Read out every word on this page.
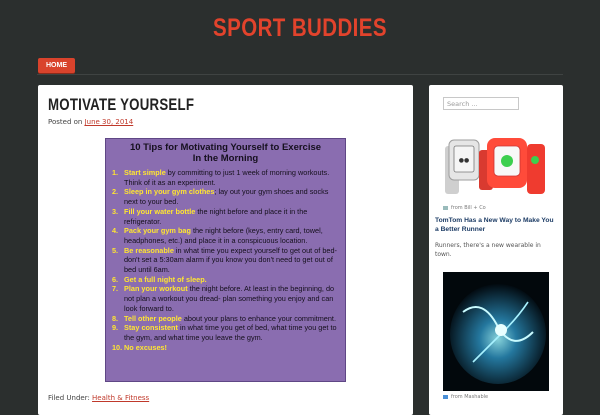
SPORT BUDDIES
HOME
MOTIVATE YOURSELF
Posted on June 30, 2014
10 Tips for Motivating Yourself to Exercise
In the Morning
1. Start simple by committing to just 1 week of morning workouts. Think of it as an experiment.
2. Sleep in your gym clothes; lay out your gym shoes and socks next to your bed.
3. Fill your water bottle the night before and place it in the refrigerator.
4. Pack your gym bag the night before (keys, entry card, towel, headphones, etc.) and place it in a conspicuous location.
5. Be reasonable in what time you expect yourself to get out of bed- don't set a 5:30am alarm if you know you don't need to get out of bed until 6am.
6. Get a full night of sleep.
7. Plan your workout the night before. At least in the beginning, do not plan a workout you dread- plan something you enjoy and can look forward to.
8. Tell other people about your plans to enhance your commitment.
9. Stay consistent in what time you get of bed, what time you get to the gym, and what time you leave the gym.
10. No excuses!
Filed Under: Health & Fitness
Search ...
●●
from Bill + Co
TomTom Has a New Way to Make You a Better Runner
Runners, there's a new wearable in town.
from Mashable
